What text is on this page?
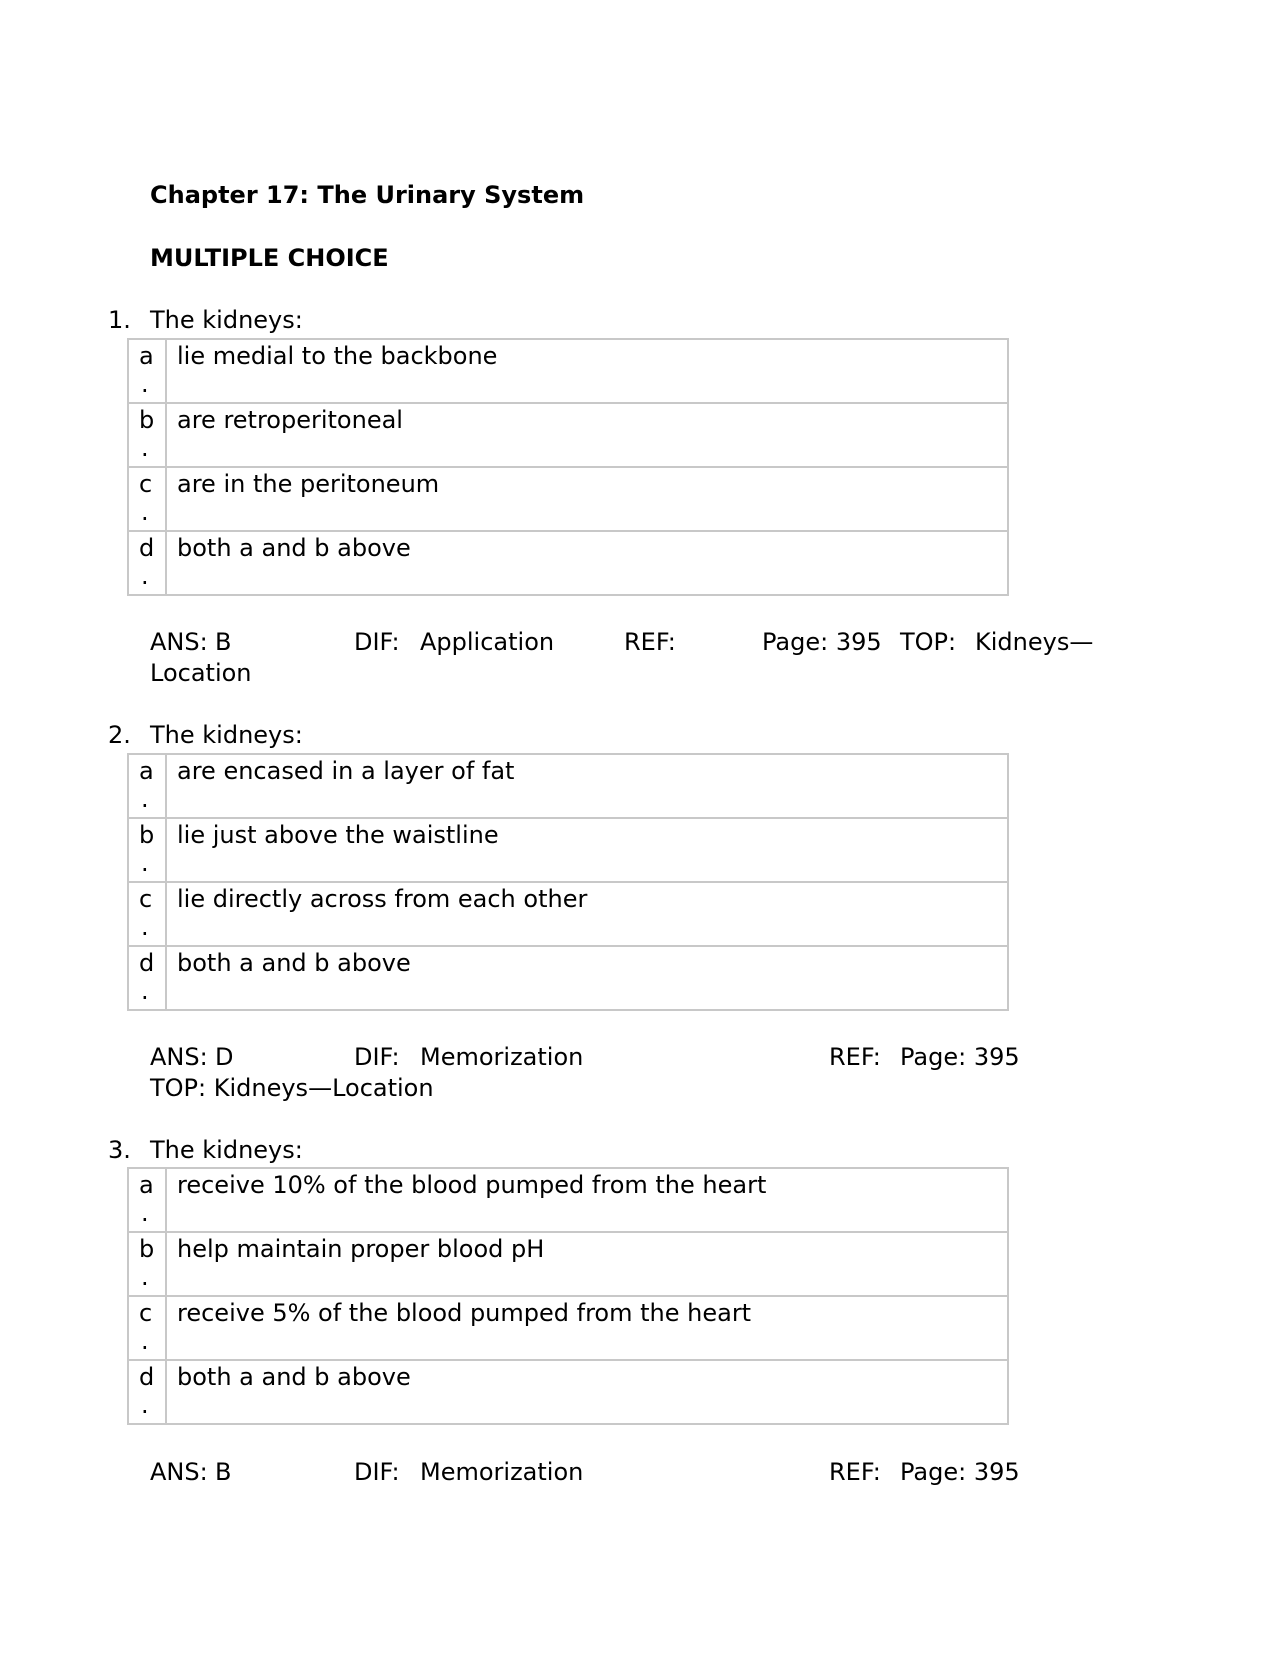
Chapter 17: The Urinary System
MULTIPLE CHOICE
1. The kidneys:
a
.	lie medial to the backbone

b
.	are retroperitoneal

c
.	are in the peritoneum

d
.	both a and b above
ANS: B	DIF: Application	REF:	Page: 395 TOP: Kidneys—
Location
2. The kidneys:
a
.	are encased in a layer of fat

b
.	lie just above the waistline

c
.	lie directly across from each other

d
.	both a and b above
ANS: D	DIF: Memorization	REF: Page: 395
TOP: Kidneys—Location
3. The kidneys:
a
.	receive 10% of the blood pumped from the heart

b
.	help maintain proper blood pH

c
.	receive 5% of the blood pumped from the heart

d
.	both a and b above
ANS: B	DIF: Memorization	REF: Page: 395
